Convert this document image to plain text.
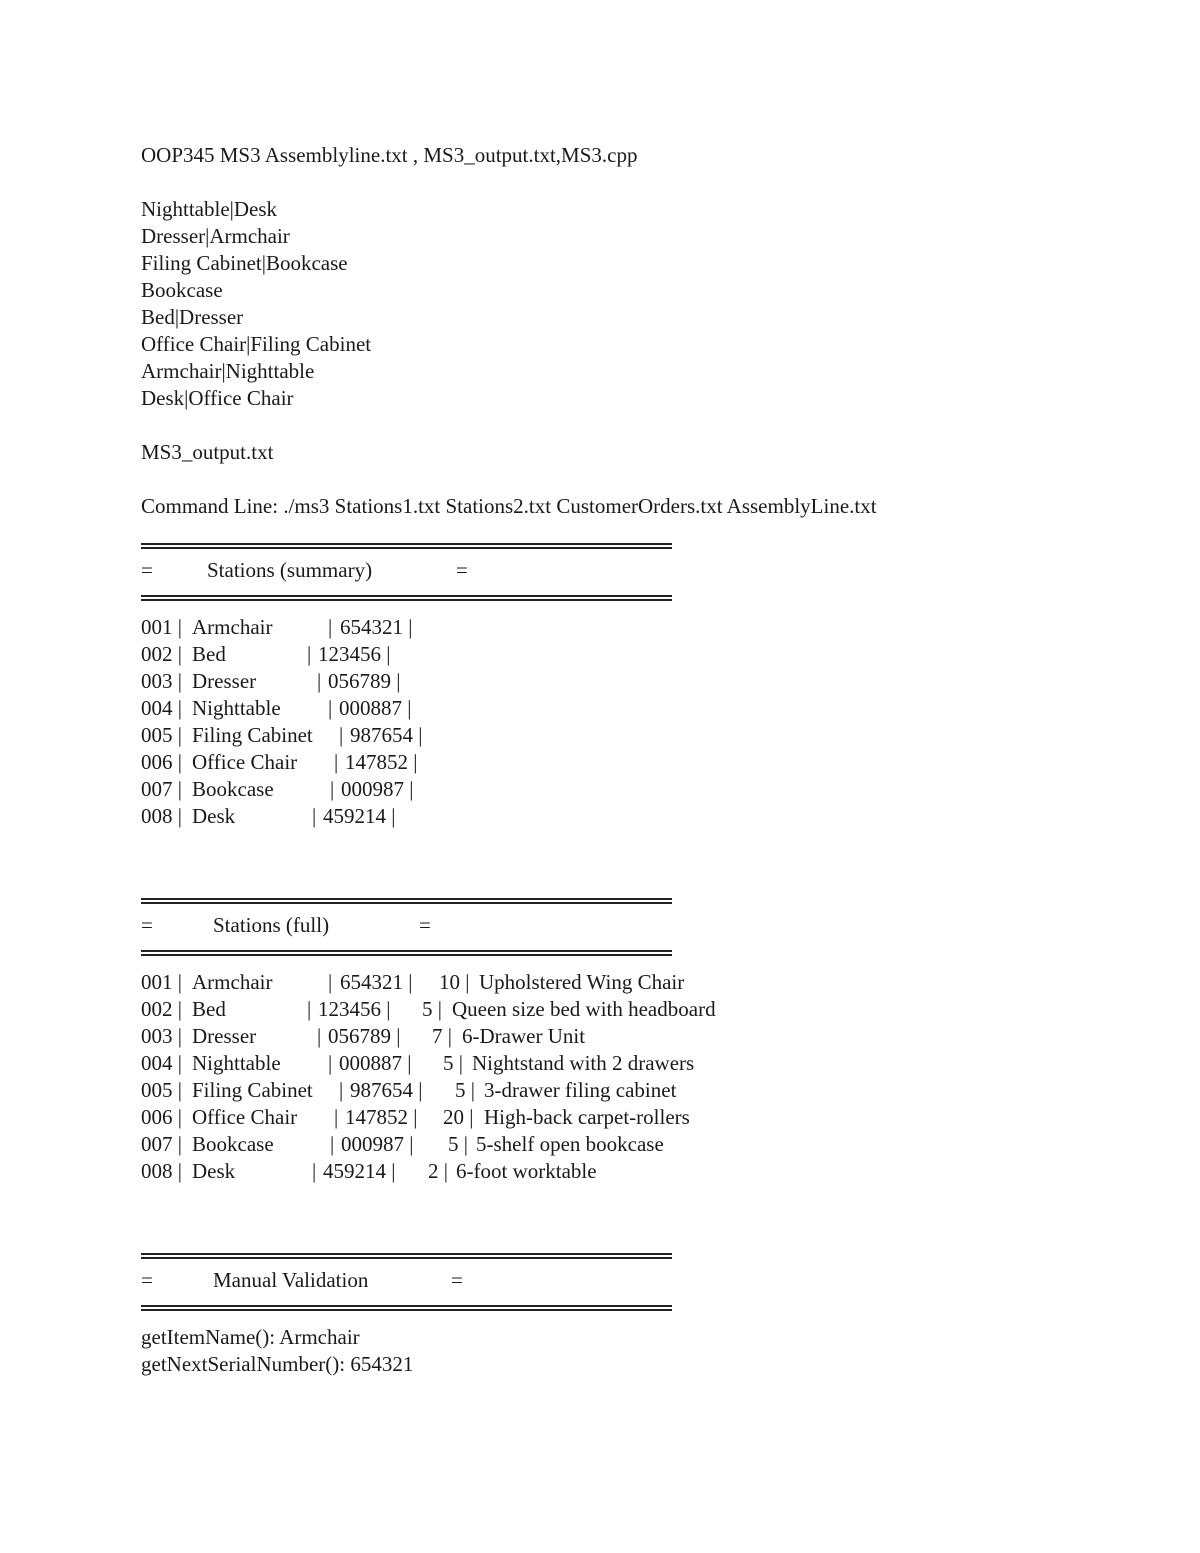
OOP345 MS3 Assemblyline.txt , MS3_output.txt,MS3.cpp
Nighttable|Desk
Dresser|Armchair
Filing Cabinet|Bookcase
Bookcase
Bed|Dresser
Office Chair|Filing Cabinet
Armchair|Nighttable
Desk|Office Chair
MS3_output.txt
Command Line: ./ms3 Stations1.txt Stations2.txt CustomerOrders.txt AssemblyLine.txt
=	Stations (summary)	=
001 | Armchair	| 654321 |
002 | Bed	| 123456 |
003 | Dresser	| 056789 |
004 | Nighttable | 000887 |
005 | Filing Cabinet | 987654 |
006 | Office Chair | 147852 |
007 | Bookcase	| 000987 |
008 | Desk	| 459214 |
=	Stations (full)	=
001 | Armchair	| 654321 | 10 | Upholstered Wing Chair
002 | Bed	| 123456 | 5 | Queen size bed with headboard
003 | Dresser	| 056789 | 7 | 6-Drawer Unit
004 | Nighttable | 000887 | 5 | Nightstand with 2 drawers
005 | Filing Cabinet | 987654 | 5 | 3-drawer filing cabinet
006 | Office Chair | 147852 | 20 | High-back carpet-rollers
007 | Bookcase	| 000987 | 5 | 5-shelf open bookcase
008 | Desk	| 459214 | 2 | 6-foot worktable
=	Manual Validation	=
getItemName(): Armchair
getNextSerialNumber(): 654321
